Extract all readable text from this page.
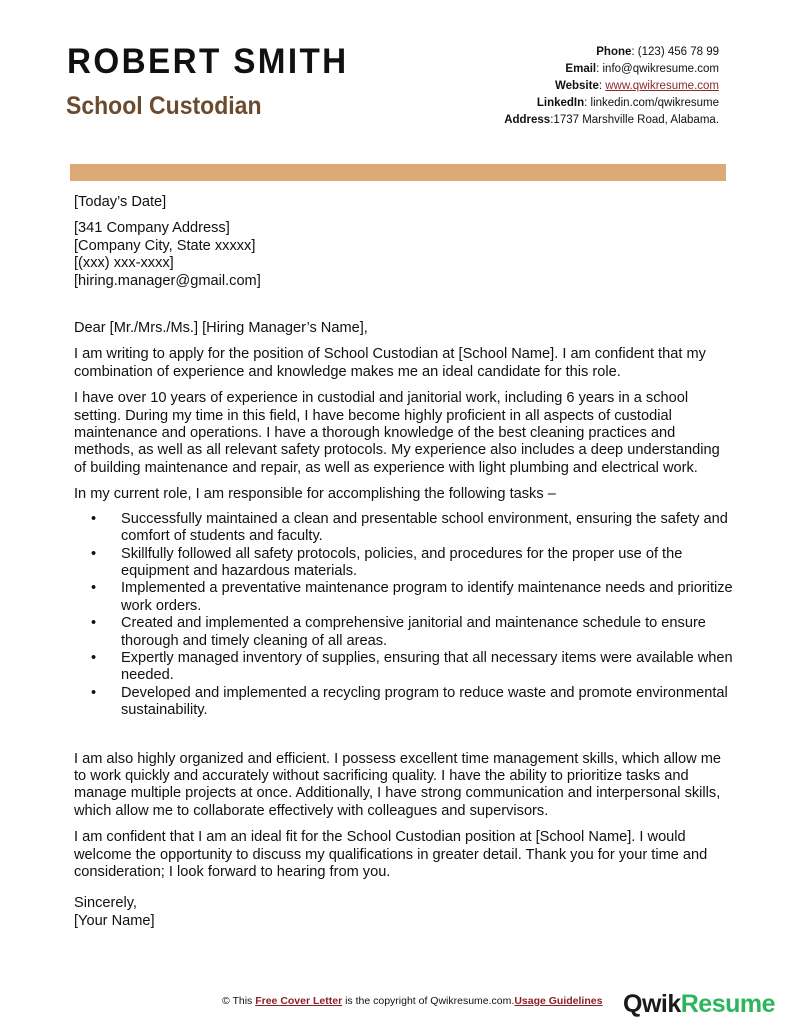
ROBERT SMITH
School Custodian
Phone: (123) 456 78 99
Email: info@qwikresume.com
Website: www.qwikresume.com
LinkedIn: linkedin.com/qwikresume
Address:1737 Marshville Road, Alabama.

[Today’s Date]

[341 Company Address]
[Company City, State xxxxx]
[(xxx) xxx-xxxx]
[hiring.manager@gmail.com]

Dear [Mr./Mrs./Ms.] [Hiring Manager’s Name],

I am writing to apply for the position of School Custodian at [School Name]. I am confident that my combination of experience and knowledge makes me an ideal candidate for this role.

I have over 10 years of experience in custodial and janitorial work, including 6 years in a school setting. During my time in this field, I have become highly proficient in all aspects of custodial maintenance and operations. I have a thorough knowledge of the best cleaning practices and methods, as well as all relevant safety protocols. My experience also includes a deep understanding of building maintenance and repair, as well as experience with light plumbing and electrical work.

In my current role, I am responsible for accomplishing the following tasks –

• Successfully maintained a clean and presentable school environment, ensuring the safety and comfort of students and faculty.
• Skillfully followed all safety protocols, policies, and procedures for the proper use of the equipment and hazardous materials.
• Implemented a preventative maintenance program to identify maintenance needs and prioritize work orders.
• Created and implemented a comprehensive janitorial and maintenance schedule to ensure thorough and timely cleaning of all areas.
• Expertly managed inventory of supplies, ensuring that all necessary items were available when needed.
• Developed and implemented a recycling program to reduce waste and promote environmental sustainability.

I am also highly organized and efficient. I possess excellent time management skills, which allow me to work quickly and accurately without sacrificing quality. I have the ability to prioritize tasks and manage multiple projects at once. Additionally, I have strong communication and interpersonal skills, which allow me to collaborate effectively with colleagues and supervisors.

I am confident that I am an ideal fit for the School Custodian position at [School Name]. I would welcome the opportunity to discuss my qualifications in greater detail. Thank you for your time and consideration; I look forward to hearing from you.

Sincerely,
[Your Name]
© This Free Cover Letter is the copyright of Qwikresume.com.Usage Guidelines QwikResume
